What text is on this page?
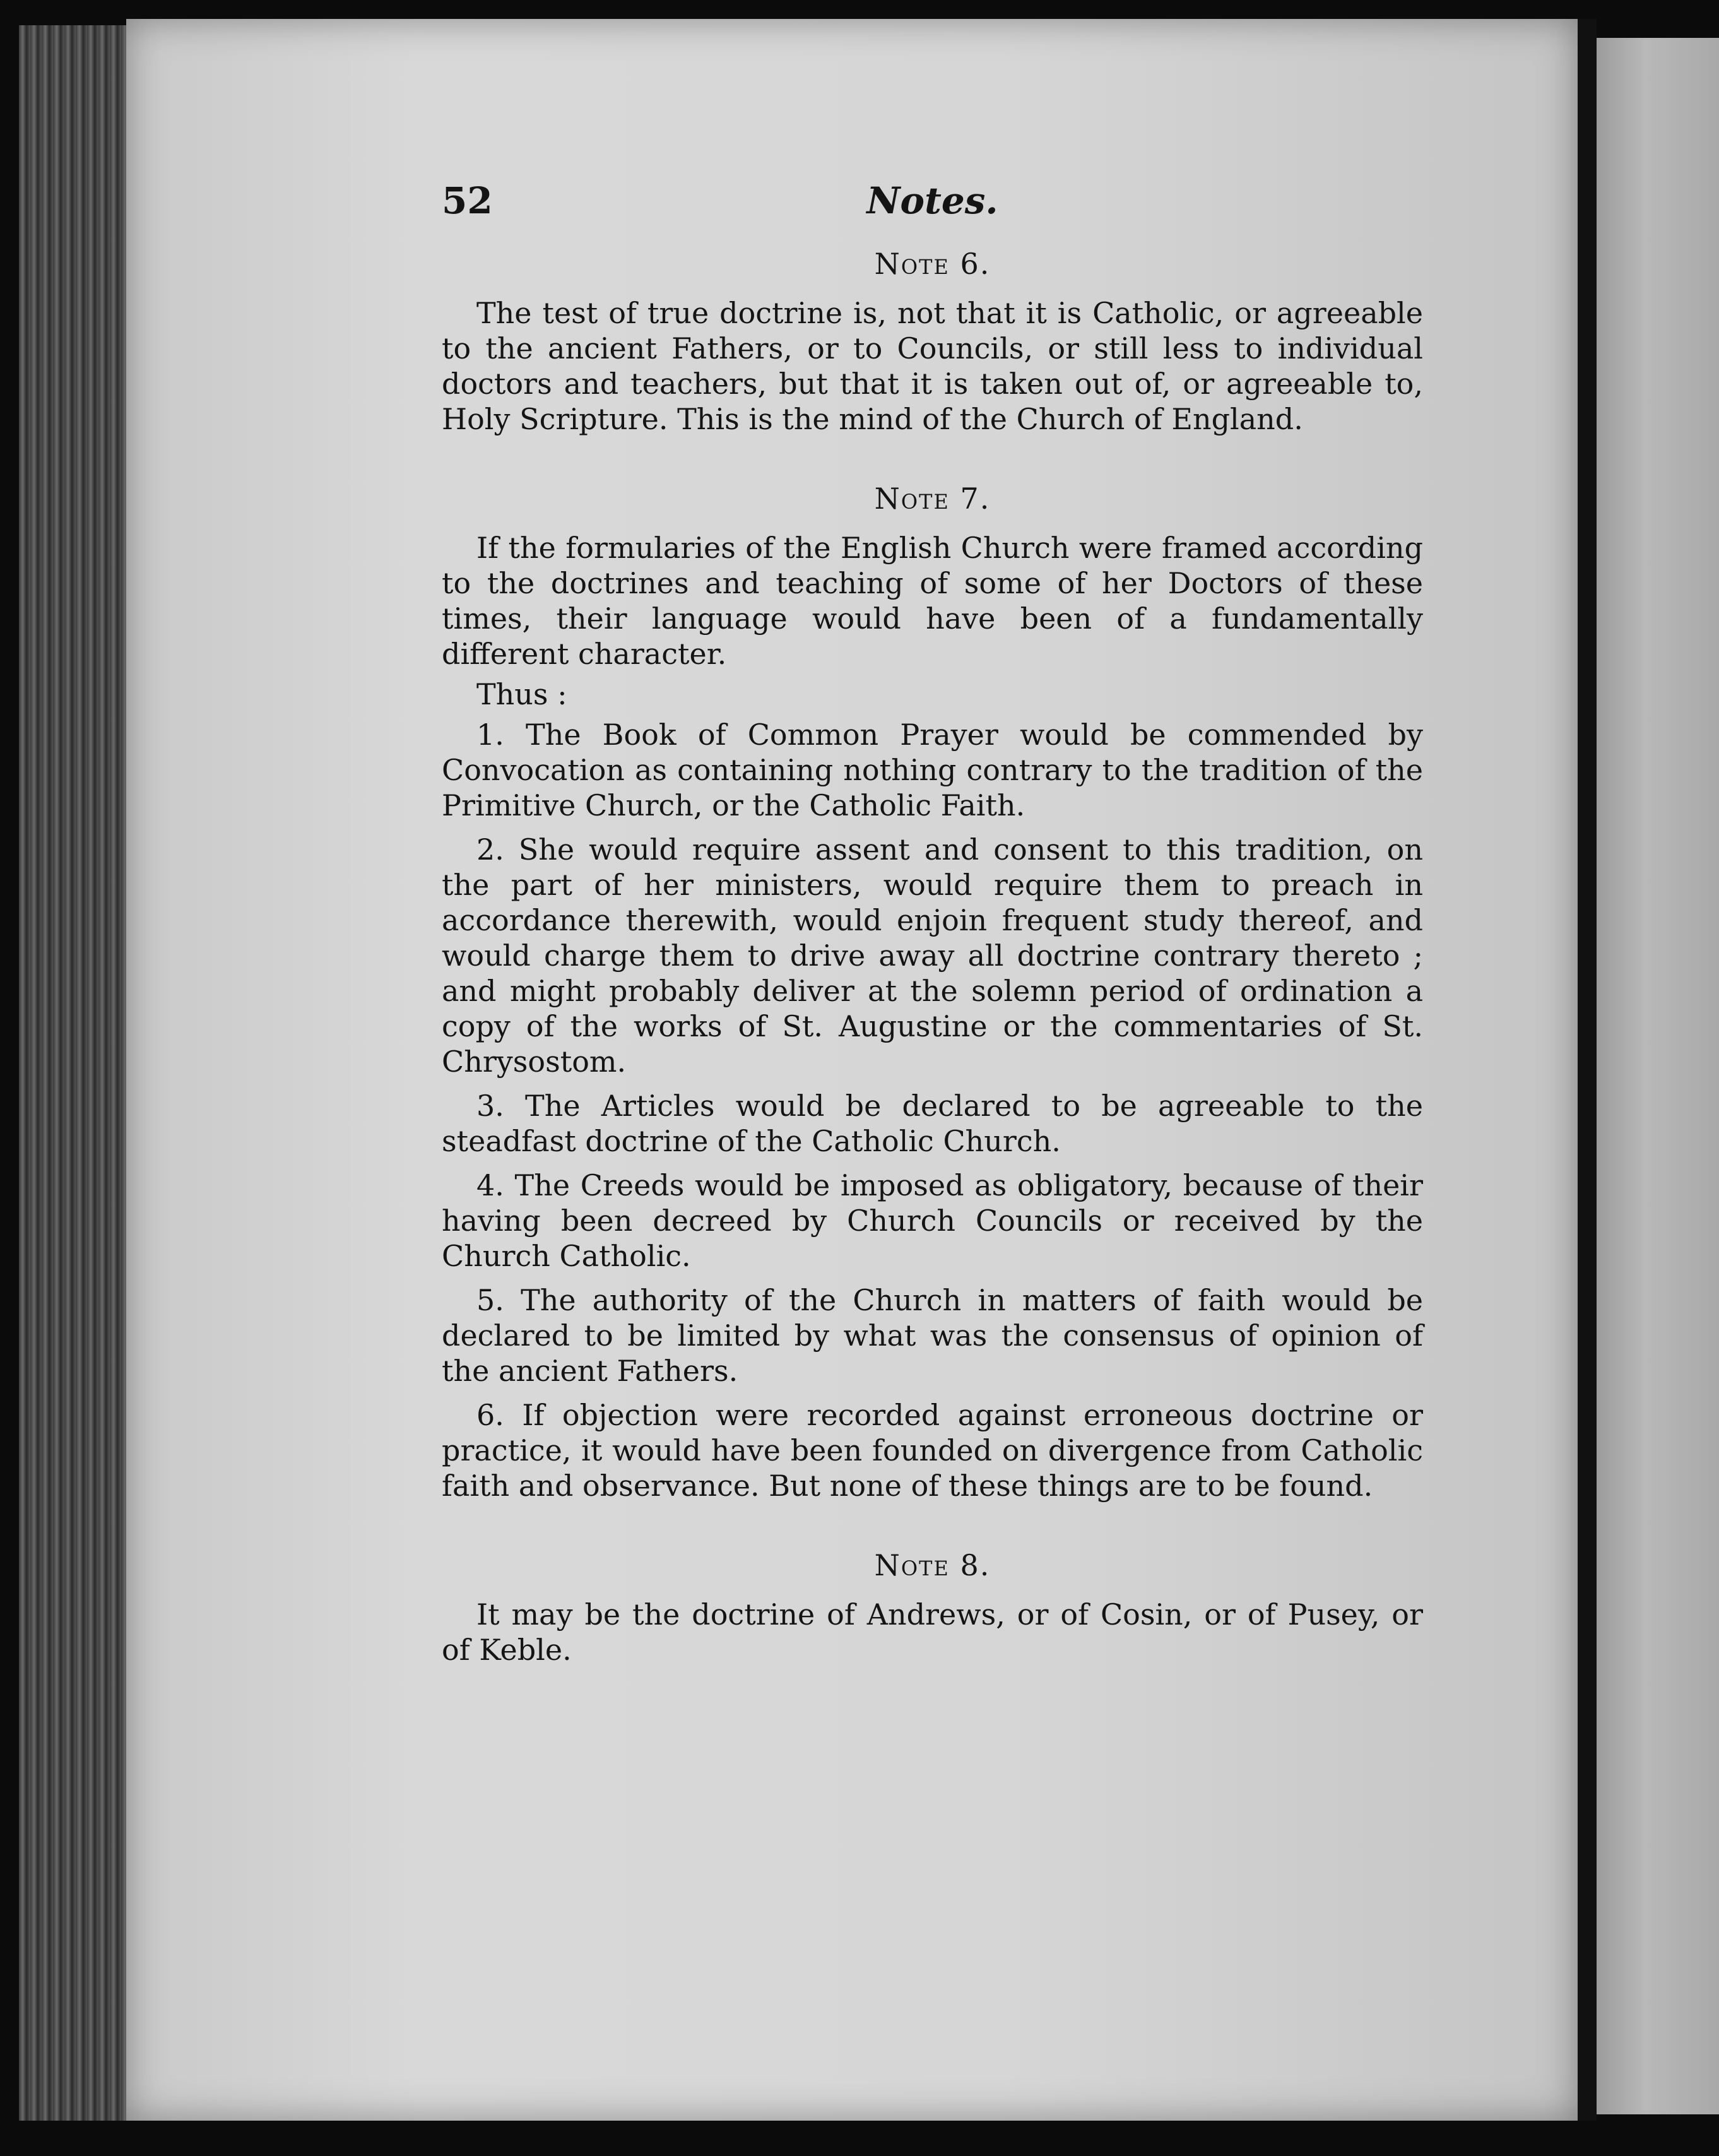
52	Notes.
Note 6.

The test of true doctrine is, not that it is Catholic, or agreeable to the ancient Fathers, or to Councils, or still less to individual doctors and teachers, but that it is taken out of, or agreeable to, Holy Scripture. This is the mind of the Church of England.

Note 7.

If the formularies of the English Church were framed according to the doctrines and teaching of some of her Doctors of these times, their language would have been of a fundamentally different character.

Thus :

1. The Book of Common Prayer would be commended by Convocation as containing nothing contrary to the tradition of the Primitive Church, or the Catholic Faith.

2. She would require assent and consent to this tradition, on the part of her ministers, would require them to preach in accordance therewith, would enjoin frequent study thereof, and would charge them to drive away all doctrine contrary thereto ; and might probably deliver at the solemn period of ordination a copy of the works of St. Augustine or the commentaries of St. Chrysostom.

3. The Articles would be declared to be agreeable to the steadfast doctrine of the Catholic Church.

4. The Creeds would be imposed as obligatory, because of their having been decreed by Church Councils or received by the Church Catholic.

5. The authority of the Church in matters of faith would be declared to be limited by what was the consensus of opinion of the ancient Fathers.

6. If objection were recorded against erroneous doctrine or practice, it would have been founded on divergence from Catholic faith and observance. But none of these things are to be found.

Note 8.

It may be the doctrine of Andrews, or of Cosin, or of Pusey, or of Keble.
